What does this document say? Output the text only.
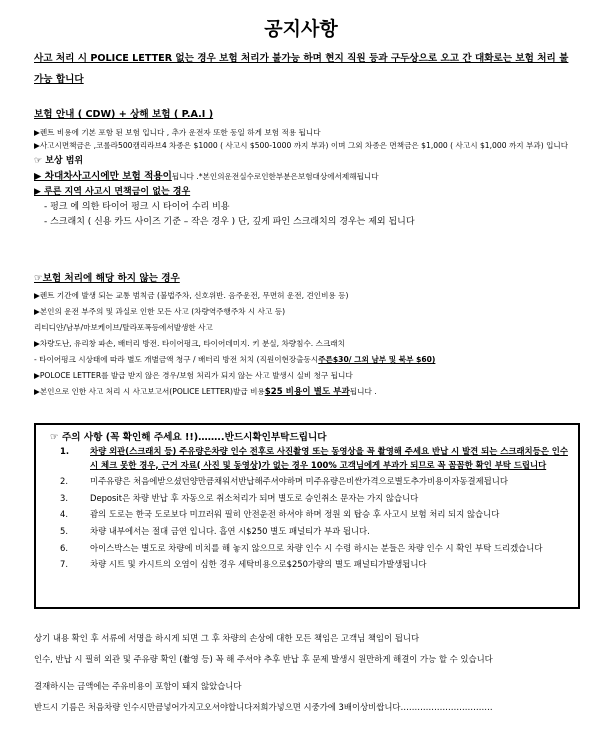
공지사항
사고 처리 시 POLICE LETTER 없는 경우 보험 처리가 불가능 하며 현지 직원 등과 구두상으로 오고 간 대화로는 보험 처리 불가능 합니다
보험 안내 ( CDW) + 상해 보험 ( P.A.I )
▶렌트 비용에 기본 포함 된 보험 입니다 , 추가 운전자 또한 동일 하게 보험 적용 됩니다
▶사고시면책금은 ,코롤라500캠리라브4 차종은 $1000 ( 사고시 $500-1000 까지 부과) 이며 그외 차종은 면책금은 $1,000 ( 사고시 $1,000 까지 부과) 입니다
☞ 보상 범위
▶ 차대차사고시에만 보험 적용이됩니다 .*본인의운전실수로인한부분은보험대상에서제해됩니다
▶ 루른 지역 사고시 면책금이 없는 경우
- 펑크 에 의한 타이어 펑크 시 타이어 수리 비용
- 스크래치 ( 신용 카드 사이즈 기준 – 작은 경우 ) 단, 깊게 파인 스크래치의 경우는 제외 됩니다
☞보험 처리에 해당 하지 않는 경우
▶렌트 기간에 발생 되는 교통 범칙금 (불법주차, 신호위반. 음주운전, 무면허 운전, 견인비용 등)
▶본인의 운전 부주의 및 과실로 인한 모든 사고 (차량역주행주차 시 사고 등)
리티디얀/남부/마보케이브/탈라포폭등에서발생한 사고
▶차량도난, 유리창 파손, 배터리 방전. 타이어펑크, 타이어데미지. 키 분실, 차량침수. 스크래치
- 타이어펑크 시상태에 따라 별도 개별금액 청구 / 배터리 방전 처치 (직원이현장출동시주른$30/ 그외 남부 및 북부 $60)
▶POLOCE LETTER를 발급 받지 않은 경우/보험 처리가 되지 않는 사고 발생시 실비 청구 됩니다
▶본인으로 인한 사고 처리 시 사고보고서(POLICE LETTER)발급 비용$25 비용이 별도 부과됩니다 .
☞ 주의 사항 (꼭 확인해 주세요 !!)……..반드시확인부탁드립니다
1.	차량 외관(스크래치 등) 주유량은차량 인수 전후로 사진촬영 또는 동영상을 꼭 촬영해 주세요 반납 시 발견 되는 스크래치등은 인수 시 체크 못한 경우, 근거 자료( 사진 및 동영상)가 없는 경우 100% 고객님에게 부과가 되므로 꼭 꼼꼼한 확인 부탁 드립니다
2.	미주유량은 처음에받으셨던양만큼채워서반납해주셔야하며 미주유량은비싼가격으로별도추가비용이자동결제됩니다
3.	Deposit은 차량 반납 후 자동으로 취소처리가 되며 별도로 승인취소 문자는 가지 않습니다
4.	괌의 도로는 한국 도로보다 미끄러워 필히 안전운전 하셔야 하며 정원 외 탑승 후 사고시 보험 처리 되지 않습니다
5.	차량 내부에서는 절대 금연 입니다. 흡연 시$250 별도 패널티가 부과 됩니다.
6.	아이스박스는 별도로 차량에 비치를 해 놓지 않으므로 차량 인수 시 수령 하시는 분들은 차량 인수 시 확인 부탁 드리겠습니다
7.	차량 시트 및 카시트의 오염이 심한 경우 세탁비용으로$250가량의 별도 패널티가발생됩니다
상기 내용 확인 후 서류에 서명을 하시게 되면 그 후 차량의 손상에 대한 모든 책임은 고객님 책임이 됩니다
인수, 반납 시 필히 외관 및 주유량 확인 (촬영 등) 꼭 해 주셔야 추후 반납 후 문제 발생시 원만하게 해결이 가능 할 수 있습니다
결재하시는 금액에는 주유비용이 포함이 돼지 않았습니다
반드시 기름은 처음차량 인수시만큼넣어가지고오셔야합니다저희가넣으면 시중가에 3배이상비쌉니다……………………………
